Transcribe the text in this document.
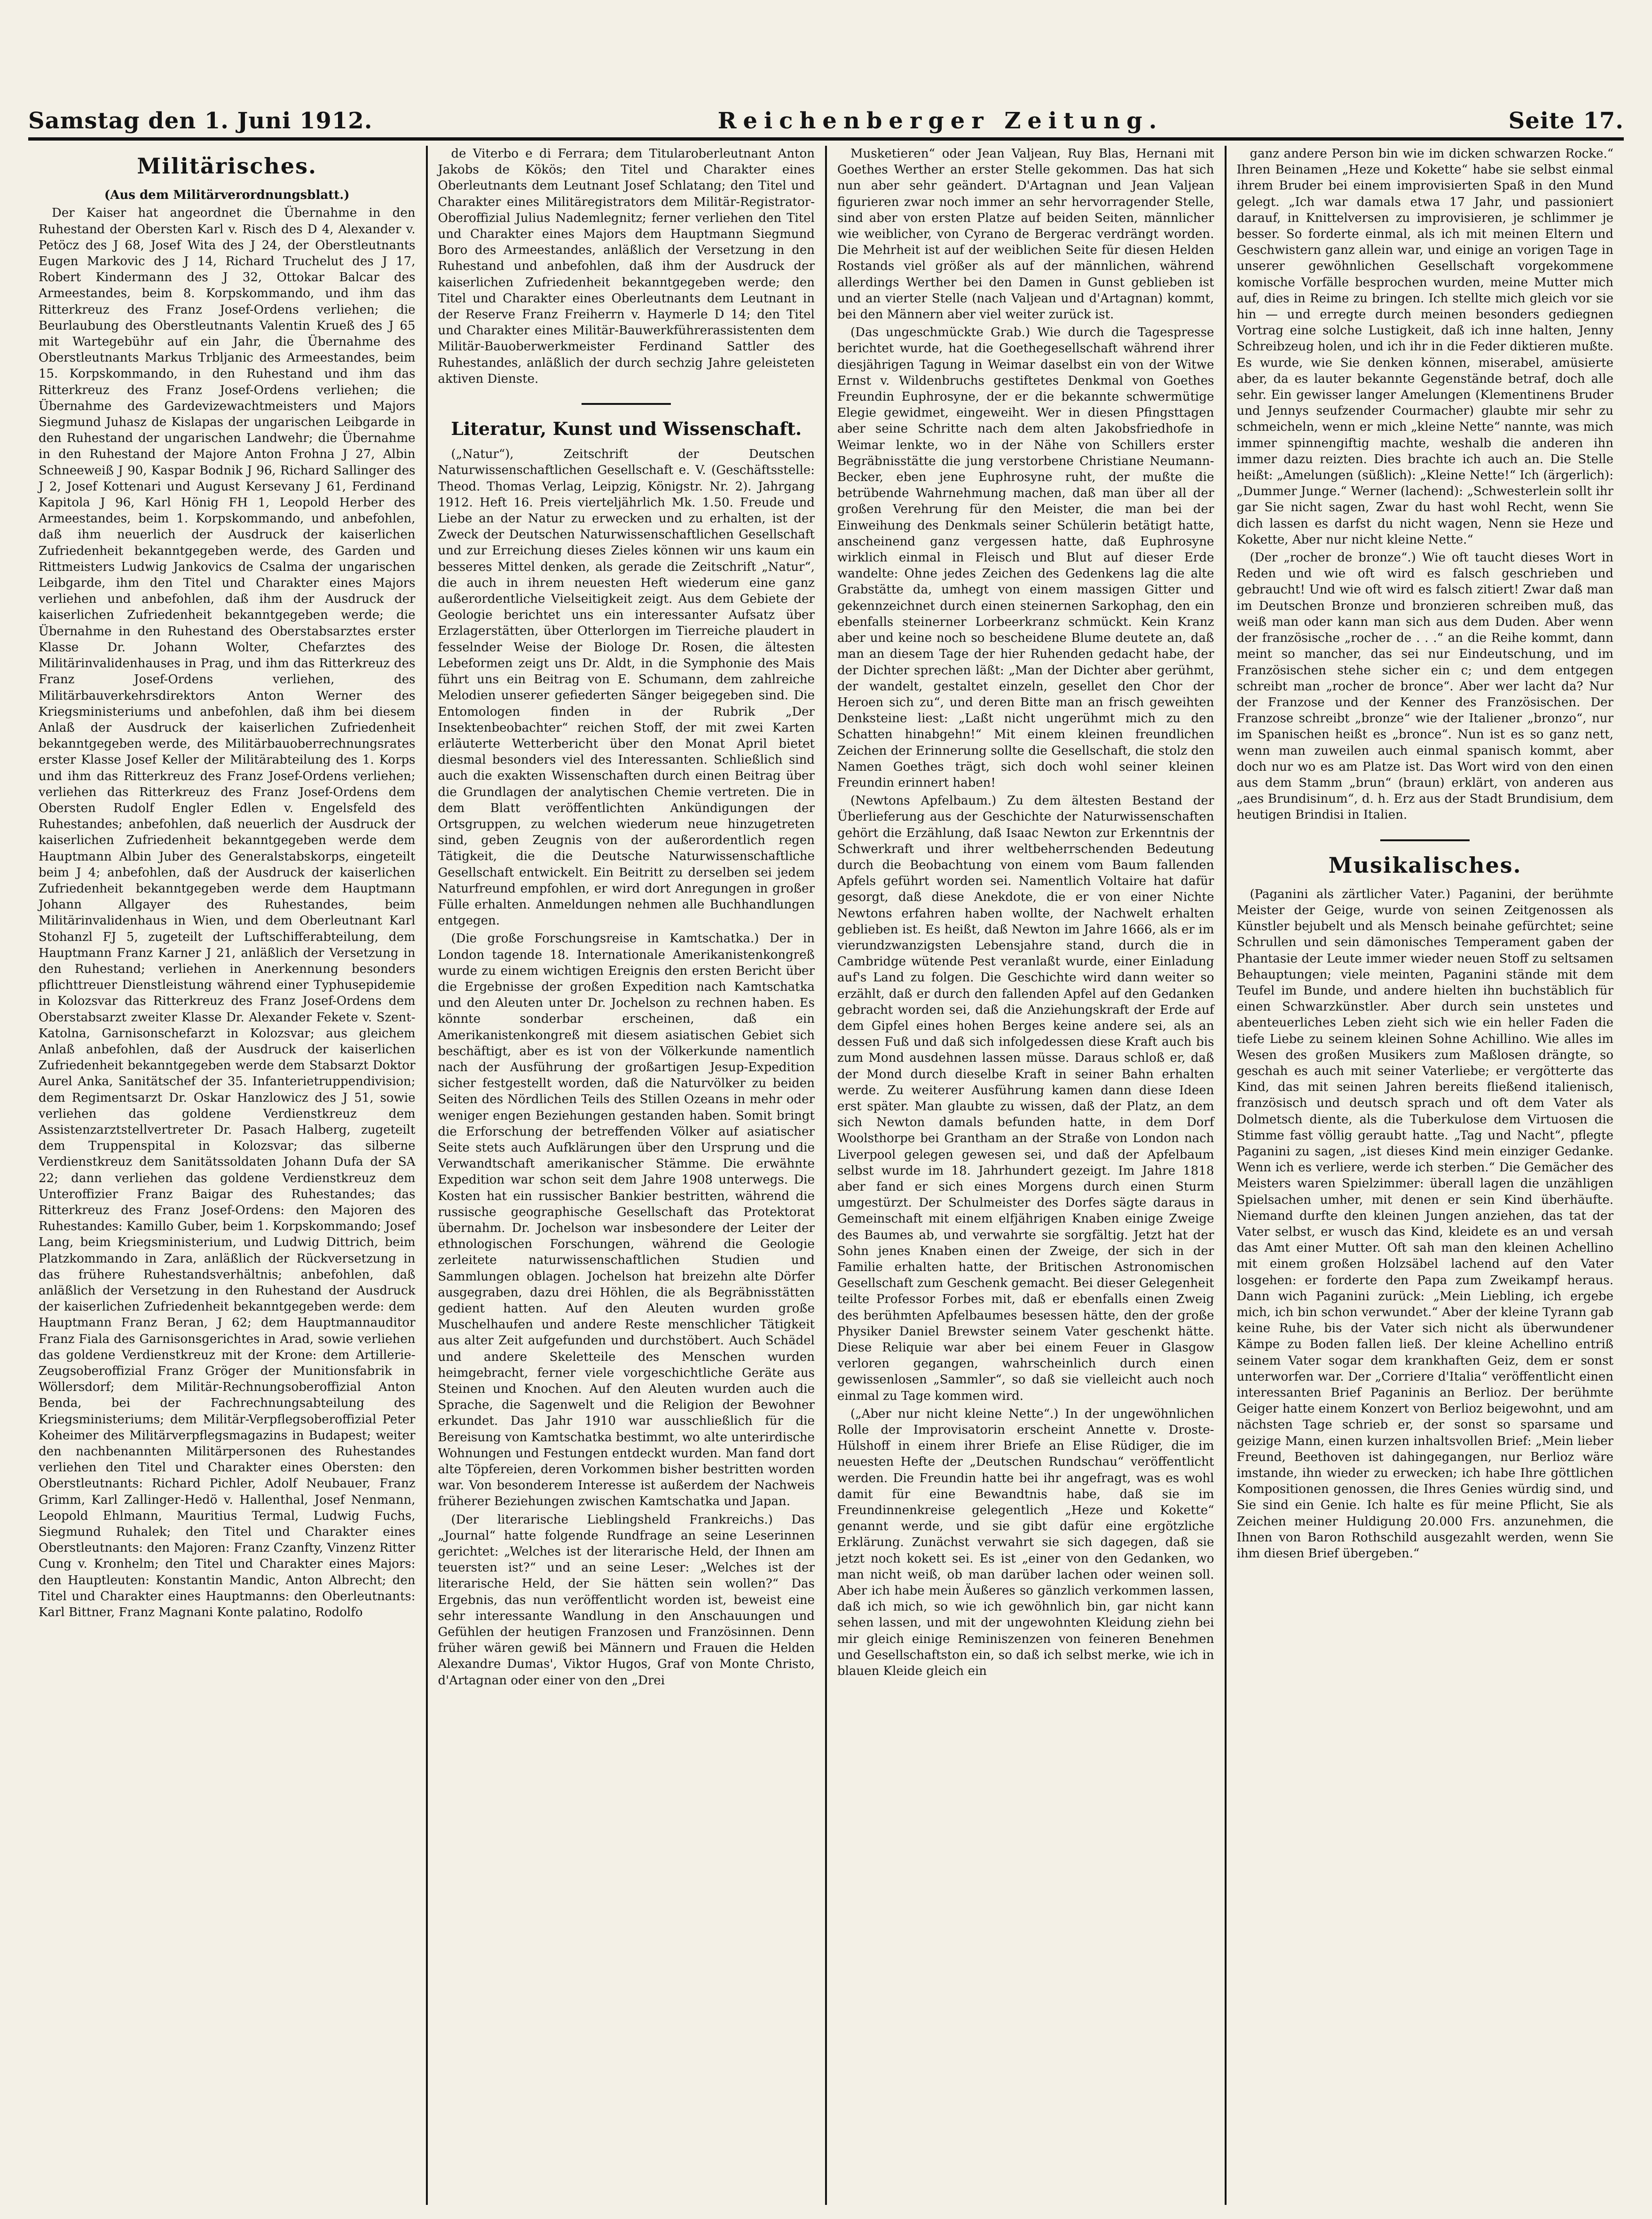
Samstag den 1. Juni 1912.	Reichenberger Zeitung.	Seite 17.
Militärisches.

(Aus dem Militärverordnungsblatt.)

Der Kaiser hat angeordnet die Übernahme in den Ruhestand der Obersten Karl v. Risch des D 4, Alexander v. Petöcz des J 68, Josef Wita des J 24, der Oberstleutnants Eugen Markovic des J 14, Richard Truchelut des J 17, Robert Kindermann des J 32, Ottokar Balcar des Armeestandes, beim 8. Korpskommando, und ihm das Ritterkreuz des Franz Josef-Ordens verliehen; die Beurlaubung des Oberstleutnants Valentin Krueß des J 65 mit Wartegebühr auf ein Jahr, die Übernahme des Oberstleutnants Markus Trbljanic des Armeestandes, beim 15. Korpskommando, in den Ruhestand und ihm das Ritterkreuz des Franz Josef-Ordens verliehen; die Übernahme des Gardevizewachtmeisters und Majors Siegmund Juhasz de Kislapas der ungarischen Leibgarde in den Ruhestand der ungarischen Landwehr; die Übernahme in den Ruhestand der Majore Anton Frohna J 27, Albin Schneeweiß J 90, Kaspar Bodnik J 96, Richard Sallinger des J 2, Josef Kottenari und August Kersevany J 61, Ferdinand Kapitola J 96, Karl Hönig FH 1, Leopold Herber des Armeestandes, beim 1. Korpskommando, und anbefohlen, daß ihm neuerlich der Ausdruck der kaiserlichen Zufriedenheit bekanntgegeben werde, des Garden und Rittmeisters Ludwig Jankovics de Csalma der ungarischen Leibgarde, ihm den Titel und Charakter eines Majors verliehen und anbefohlen, daß ihm der Ausdruck der kaiserlichen Zufriedenheit bekanntgegeben werde; die Übernahme in den Ruhestand des Oberstabsarztes erster Klasse Dr. Johann Wolter, Chefarztes des Militärinvalidenhauses in Prag, und ihm das Ritterkreuz des Franz Josef-Ordens verliehen, des Militärbauverkehrsdirektors Anton Werner des Kriegsministeriums und anbefohlen, daß ihm bei diesem Anlaß der Ausdruck der kaiserlichen Zufriedenheit bekanntgegeben werde, des Militärbauoberrechnungsrates erster Klasse Josef Keller der Militärabteilung des 1. Korps und ihm das Ritterkreuz des Franz Josef-Ordens verliehen; verliehen das Ritterkreuz des Franz Josef-Ordens dem Obersten Rudolf Engler Edlen v. Engelsfeld des Ruhestandes; anbefohlen, daß neuerlich der Ausdruck der kaiserlichen Zufriedenheit bekanntgegeben werde dem Hauptmann Albin Juber des Generalstabskorps, eingeteilt beim J 4; anbefohlen, daß der Ausdruck der kaiserlichen Zufriedenheit bekanntgegeben werde dem Hauptmann Johann Allgayer des Ruhestandes, beim Militärinvalidenhaus in Wien, und dem Oberleutnant Karl Stohanzl FJ 5, zugeteilt der Luftschifferabteilung, dem Hauptmann Franz Karner J 21, anläßlich der Versetzung in den Ruhestand; verliehen in Anerkennung besonders pflichttreuer Dienstleistung während einer Typhusepidemie in Kolozsvar das Ritterkreuz des Franz Josef-Ordens dem Oberstabsarzt zweiter Klasse Dr. Alexander Fekete v. Szent-Katolna, Garnisonschefarzt in Kolozsvar; aus gleichem Anlaß anbefohlen, daß der Ausdruck der kaiserlichen Zufriedenheit bekanntgegeben werde dem Stabsarzt Doktor Aurel Anka, Sanitätschef der 35. Infanterietruppendivision; dem Regimentsarzt Dr. Oskar Hanzlowicz des J 51, sowie verliehen das goldene Verdienstkreuz dem Assistenzarztstellvertreter Dr. Pasach Halberg, zugeteilt dem Truppenspital in Kolozsvar; das silberne Verdienstkreuz dem Sanitätssoldaten Johann Dufa der SA 22; dann verliehen das goldene Verdienstkreuz dem Unteroffizier Franz Baigar des Ruhestandes; das Ritterkreuz des Franz Josef-Ordens: den Majoren des Ruhestandes: Kamillo Guber, beim 1. Korpskommando; Josef Lang, beim Kriegsministerium, und Ludwig Dittrich, beim Platzkommando in Zara, anläßlich der Rückversetzung in das frühere Ruhestandsverhältnis; anbefohlen, daß anläßlich der Versetzung in den Ruhestand der Ausdruck der kaiserlichen Zufriedenheit bekanntgegeben werde: dem Hauptmann Franz Beran, J 62; dem Hauptmannauditor Franz Fiala des Garnisonsgerichtes in Arad, sowie verliehen das goldene Verdienstkreuz mit der Krone: dem Artillerie-Zeugsoberoffizial Franz Gröger der Munitionsfabrik in Wöllersdorf; dem Militär-Rechnungsoberoffizial Anton Benda, bei der Fachrechnungsabteilung des Kriegsministeriums; dem Militär-Verpflegsoberoffizial Peter Koheimer des Militärverpflegsmagazins in Budapest; weiter den nachbenannten Militärpersonen des Ruhestandes verliehen den Titel und Charakter eines Obersten: den Oberstleutnants: Richard Pichler, Adolf Neubauer, Franz Grimm, Karl Zallinger-Hedö v. Hallenthal, Josef Nenmann, Leopold Ehlmann, Mauritius Termal, Ludwig Fuchs, Siegmund Ruhalek; den Titel und Charakter eines Oberstleutnants: den Majoren: Franz Czanfty, Vinzenz Ritter Cung v. Kronhelm; den Titel und Charakter eines Majors: den Hauptleuten: Konstantin Mandic, Anton Albrecht; den Titel und Charakter eines Hauptmanns: den Oberleutnants: Karl Bittner, Franz Magnani Konte palatino, Rodolfo

de Viterbo e di Ferrara; dem Titularoberleutnant Anton Jakobs de Kökös; den Titel und Charakter eines Oberleutnants dem Leutnant Josef Schlatang; den Titel und Charakter eines Militäregistrators dem Militär-Registrator-Oberoffizial Julius Nademlegnitz; ferner verliehen den Titel und Charakter eines Majors dem Hauptmann Siegmund Boro des Armeestandes, anläßlich der Versetzung in den Ruhestand und anbefohlen, daß ihm der Ausdruck der kaiserlichen Zufriedenheit bekanntgegeben werde; den Titel und Charakter eines Oberleutnants dem Leutnant in der Reserve Franz Freiherrn v. Haymerle D 14; den Titel und Charakter eines Militär-Bauwerkführerassistenten dem Militär-Bauoberwerkmeister Ferdinand Sattler des Ruhestandes, anläßlich der durch sechzig Jahre geleisteten aktiven Dienste.

Literatur, Kunst und Wissenschaft.

(„Natur“), Zeitschrift der Deutschen Naturwissenschaftlichen Gesellschaft e. V. (Geschäftsstelle: Theod. Thomas Verlag, Leipzig, Königstr. Nr. 2). Jahrgang 1912. Heft 16. Preis vierteljährlich Mk. 1.50. Freude und Liebe an der Natur zu erwecken und zu erhalten, ist der Zweck der Deutschen Naturwissenschaftlichen Gesellschaft und zur Erreichung dieses Zieles können wir uns kaum ein besseres Mittel denken, als gerade die Zeitschrift „Natur“, die auch in ihrem neuesten Heft wiederum eine ganz außerordentliche Vielseitigkeit zeigt. Aus dem Gebiete der Geologie berichtet uns ein interessanter Aufsatz über Erzlagerstätten, über Otterlorgen im Tierreiche plaudert in fesselnder Weise der Biologe Dr. Rosen, die ältesten Lebeformen zeigt uns Dr. Aldt, in die Symphonie des Mais führt uns ein Beitrag von E. Schumann, dem zahlreiche Melodien unserer gefiederten Sänger beigegeben sind. Die Entomologen finden in der Rubrik „Der Insektenbeobachter“ reichen Stoff, der mit zwei Karten erläuterte Wetterbericht über den Monat April bietet diesmal besonders viel des Interessanten. Schließlich sind auch die exakten Wissenschaften durch einen Beitrag über die Grundlagen der analytischen Chemie vertreten. Die in dem Blatt veröffentlichten Ankündigungen der Ortsgruppen, zu welchen wiederum neue hinzugetreten sind, geben Zeugnis von der außerordentlich regen Tätigkeit, die die Deutsche Naturwissenschaftliche Gesellschaft entwickelt. Ein Beitritt zu derselben sei jedem Naturfreund empfohlen, er wird dort Anregungen in großer Fülle erhalten. Anmeldungen nehmen alle Buchhandlungen entgegen.

(Die große Forschungsreise in Kamtschatka.) Der in London tagende 18. Internationale Amerikanistenkongreß wurde zu einem wichtigen Ereignis den ersten Bericht über die Ergebnisse der großen Expedition nach Kamtschatka und den Aleuten unter Dr. Jochelson zu rechnen haben. Es könnte sonderbar erscheinen, daß ein Amerikanistenkongreß mit diesem asiatischen Gebiet sich beschäftigt, aber es ist von der Völkerkunde namentlich nach der Ausführung der großartigen Jesup-Expedition sicher festgestellt worden, daß die Naturvölker zu beiden Seiten des Nördlichen Teils des Stillen Ozeans in mehr oder weniger engen Beziehungen gestanden haben. Somit bringt die Erforschung der betreffenden Völker auf asiatischer Seite stets auch Aufklärungen über den Ursprung und die Verwandtschaft amerikanischer Stämme. Die erwähnte Expedition war schon seit dem Jahre 1908 unterwegs. Die Kosten hat ein russischer Bankier bestritten, während die russische geographische Gesellschaft das Protektorat übernahm. Dr. Jochelson war insbesondere der Leiter der ethnologischen Forschungen, während die Geologie zerleitete naturwissenschaftlichen Studien und Sammlungen oblagen. Jochelson hat breizehn alte Dörfer ausgegraben, dazu drei Höhlen, die als Begräbnisstätten gedient hatten. Auf den Aleuten wurden große Muschelhaufen und andere Reste menschlicher Tätigkeit aus alter Zeit aufgefunden und durchstöbert. Auch Schädel und andere Skeletteile des Menschen wurden heimgebracht, ferner viele vorgeschichtliche Geräte aus Steinen und Knochen. Auf den Aleuten wurden auch die Sprache, die Sagenwelt und die Religion der Bewohner erkundet. Das Jahr 1910 war ausschließlich für die Bereisung von Kamtschatka bestimmt, wo alte unterirdische Wohnungen und Festungen entdeckt wurden. Man fand dort alte Töpfereien, deren Vorkommen bisher bestritten worden war. Von besonderem Interesse ist außerdem der Nachweis früherer Beziehungen zwischen Kamtschatka und Japan.

(Der literarische Lieblingsheld Frankreichs.) Das „Journal“ hatte folgende Rundfrage an seine Leserinnen gerichtet: „Welches ist der literarische Held, der Ihnen am teuersten ist?“ und an seine Leser: „Welches ist der literarische Held, der Sie hätten sein wollen?“ Das Ergebnis, das nun veröffentlicht worden ist, beweist eine sehr interessante Wandlung in den Anschauungen und Gefühlen der heutigen Franzosen und Französinnen. Denn früher wären gewiß bei Männern und Frauen die Helden Alexandre Dumas', Viktor Hugos, Graf von Monte Christo, d'Artagnan oder einer von den „Drei

Musketieren“ oder Jean Valjean, Ruy Blas, Hernani mit Goethes Werther an erster Stelle gekommen. Das hat sich nun aber sehr geändert. D'Artagnan und Jean Valjean figurieren zwar noch immer an sehr hervorragender Stelle, sind aber von ersten Platze auf beiden Seiten, männlicher wie weiblicher, von Cyrano de Bergerac verdrängt worden. Die Mehrheit ist auf der weiblichen Seite für diesen Helden Rostands viel größer als auf der männlichen, während allerdings Werther bei den Damen in Gunst geblieben ist und an vierter Stelle (nach Valjean und d'Artagnan) kommt, bei den Männern aber viel weiter zurück ist.

(Das ungeschmückte Grab.) Wie durch die Tagespresse berichtet wurde, hat die Goethegesellschaft während ihrer diesjährigen Tagung in Weimar daselbst ein von der Witwe Ernst v. Wildenbruchs gestiftetes Denkmal von Goethes Freundin Euphrosyne, der er die bekannte schwermütige Elegie gewidmet, eingeweiht. Wer in diesen Pfingsttagen aber seine Schritte nach dem alten Jakobsfriedhofe in Weimar lenkte, wo in der Nähe von Schillers erster Begräbnisstätte die jung verstorbene Christiane Neumann-Becker, eben jene Euphrosyne ruht, der mußte die betrübende Wahrnehmung machen, daß man über all der großen Verehrung für den Meister, die man bei der Einweihung des Denkmals seiner Schülerin betätigt hatte, anscheinend ganz vergessen hatte, daß Euphrosyne wirklich einmal in Fleisch und Blut auf dieser Erde wandelte: Ohne jedes Zeichen des Gedenkens lag die alte Grabstätte da, umhegt von einem massigen Gitter und gekennzeichnet durch einen steinernen Sarkophag, den ein ebenfalls steinerner Lorbeerkranz schmückt. Kein Kranz aber und keine noch so bescheidene Blume deutete an, daß man an diesem Tage der hier Ruhenden gedacht habe, der der Dichter sprechen läßt: „Man der Dichter aber gerühmt, der wandelt, gestaltet einzeln, gesellet den Chor der Heroen sich zu“, und deren Bitte man an frisch geweihten Denksteine liest: „Laßt nicht ungerühmt mich zu den Schatten hinabgehn!“ Mit einem kleinen freundlichen Zeichen der Erinnerung sollte die Gesellschaft, die stolz den Namen Goethes trägt, sich doch wohl seiner kleinen Freundin erinnert haben!

(Newtons Apfelbaum.) Zu dem ältesten Bestand der Überlieferung aus der Geschichte der Naturwissenschaften gehört die Erzählung, daß Isaac Newton zur Erkenntnis der Schwerkraft und ihrer weltbeherrschenden Bedeutung durch die Beobachtung von einem vom Baum fallenden Apfels geführt worden sei. Namentlich Voltaire hat dafür gesorgt, daß diese Anekdote, die er von einer Nichte Newtons erfahren haben wollte, der Nachwelt erhalten geblieben ist. Es heißt, daß Newton im Jahre 1666, als er im vierundzwanzigsten Lebensjahre stand, durch die in Cambridge wütende Pest veranlaßt wurde, einer Einladung auf's Land zu folgen. Die Geschichte wird dann weiter so erzählt, daß er durch den fallenden Apfel auf den Gedanken gebracht worden sei, daß die Anziehungskraft der Erde auf dem Gipfel eines hohen Berges keine andere sei, als an dessen Fuß und daß sich infolgedessen diese Kraft auch bis zum Mond ausdehnen lassen müsse. Daraus schloß er, daß der Mond durch dieselbe Kraft in seiner Bahn erhalten werde. Zu weiterer Ausführung kamen dann diese Ideen erst später. Man glaubte zu wissen, daß der Platz, an dem sich Newton damals befunden hatte, in dem Dorf Woolsthorpe bei Grantham an der Straße von London nach Liverpool gelegen gewesen sei, und daß der Apfelbaum selbst wurde im 18. Jahrhundert gezeigt. Im Jahre 1818 aber fand er sich eines Morgens durch einen Sturm umgestürzt. Der Schulmeister des Dorfes sägte daraus in Gemeinschaft mit einem elfjährigen Knaben einige Zweige des Baumes ab, und verwahrte sie sorgfältig. Jetzt hat der Sohn jenes Knaben einen der Zweige, der sich in der Familie erhalten hatte, der Britischen Astronomischen Gesellschaft zum Geschenk gemacht. Bei dieser Gelegenheit teilte Professor Forbes mit, daß er ebenfalls einen Zweig des berühmten Apfelbaumes besessen hätte, den der große Physiker Daniel Brewster seinem Vater geschenkt hätte. Diese Reliquie war aber bei einem Feuer in Glasgow verloren gegangen, wahrscheinlich durch einen gewissenlosen „Sammler“, so daß sie vielleicht auch noch einmal zu Tage kommen wird.

(„Aber nur nicht kleine Nette“.) In der ungewöhnlichen Rolle der Improvisatorin erscheint Annette v. Droste-Hülshoff in einem ihrer Briefe an Elise Rüdiger, die im neuesten Hefte der „Deutschen Rundschau“ veröffentlicht werden. Die Freundin hatte bei ihr angefragt, was es wohl damit für eine Bewandtnis habe, daß sie im Freundinnenkreise gelegentlich „Heze und Kokette“ genannt werde, und sie gibt dafür eine ergötzliche Erklärung. Zunächst verwahrt sie sich dagegen, daß sie jetzt noch kokett sei. Es ist „einer von den Gedanken, wo man nicht weiß, ob man darüber lachen oder weinen soll. Aber ich habe mein Äußeres so gänzlich verkommen lassen, daß ich mich, so wie ich gewöhnlich bin, gar nicht kann sehen lassen, und mit der ungewohnten Kleidung ziehn bei mir gleich einige Reminiszenzen von feineren Benehmen und Gesellschaftston ein, so daß ich selbst merke, wie ich in blauen Kleide gleich ein

ganz andere Person bin wie im dicken schwarzen Rocke.“ Ihren Beinamen „Heze und Kokette“ habe sie selbst einmal ihrem Bruder bei einem improvisierten Spaß in den Mund gelegt. „Ich war damals etwa 17 Jahr, und passioniert darauf, in Knittelversen zu improvisieren, je schlimmer je besser. So forderte einmal, als ich mit meinen Eltern und Geschwistern ganz allein war, und einige an vorigen Tage in unserer gewöhnlichen Gesellschaft vorgekommene komische Vorfälle besprochen wurden, meine Mutter mich auf, dies in Reime zu bringen. Ich stellte mich gleich vor sie hin — und erregte durch meinen besonders gediegnen Vortrag eine solche Lustigkeit, daß ich inne halten, Jenny Schreibzeug holen, und ich ihr in die Feder diktieren mußte. Es wurde, wie Sie denken können, miserabel, amüsierte aber, da es lauter bekannte Gegenstände betraf, doch alle sehr. Ein gewisser langer Amelungen (Klementinens Bruder und Jennys seufzender Courmacher) glaubte mir sehr zu schmeicheln, wenn er mich „kleine Nette“ nannte, was mich immer spinnengiftig machte, weshalb die anderen ihn immer dazu reizten. Dies brachte ich auch an. Die Stelle heißt: „Amelungen (süßlich): „Kleine Nette!“ Ich (ärgerlich): „Dummer Junge.“ Werner (lachend): „Schwesterlein sollt ihr gar Sie nicht sagen, Zwar du hast wohl Recht, wenn Sie dich lassen es darfst du nicht wagen, Nenn sie Heze und Kokette, Aber nur nicht kleine Nette.“

(Der „rocher de bronze“.) Wie oft taucht dieses Wort in Reden und wie oft wird es falsch geschrieben und gebraucht! Und wie oft wird es falsch zitiert! Zwar daß man im Deutschen Bronze und bronzieren schreiben muß, das weiß man oder kann man sich aus dem Duden. Aber wenn der französische „rocher de . . .“ an die Reihe kommt, dann meint so mancher, das sei nur Eindeutschung, und im Französischen stehe sicher ein c; und dem entgegen schreibt man „rocher de bronce“. Aber wer lacht da? Nur der Franzose und der Kenner des Französischen. Der Franzose schreibt „bronze“ wie der Italiener „bronzo“, nur im Spanischen heißt es „bronce“. Nun ist es so ganz nett, wenn man zuweilen auch einmal spanisch kommt, aber doch nur wo es am Platze ist. Das Wort wird von den einen aus dem Stamm „brun“ (braun) erklärt, von anderen aus „aes Brundisinum“, d. h. Erz aus der Stadt Brundisium, dem heutigen Brindisi in Italien.

Musikalisches.

(Paganini als zärtlicher Vater.) Paganini, der berühmte Meister der Geige, wurde von seinen Zeitgenossen als Künstler bejubelt und als Mensch beinahe gefürchtet; seine Schrullen und sein dämonisches Temperament gaben der Phantasie der Leute immer wieder neuen Stoff zu seltsamen Behauptungen; viele meinten, Paganini stände mit dem Teufel im Bunde, und andere hielten ihn buchstäblich für einen Schwarzkünstler. Aber durch sein unstetes und abenteuerliches Leben zieht sich wie ein heller Faden die tiefe Liebe zu seinem kleinen Sohne Achillino. Wie alles im Wesen des großen Musikers zum Maßlosen drängte, so geschah es auch mit seiner Vaterliebe; er vergötterte das Kind, das mit seinen Jahren bereits fließend italienisch, französisch und deutsch sprach und oft dem Vater als Dolmetsch diente, als die Tuberkulose dem Virtuosen die Stimme fast völlig geraubt hatte. „Tag und Nacht“, pflegte Paganini zu sagen, „ist dieses Kind mein einziger Gedanke. Wenn ich es verliere, werde ich sterben.“ Die Gemächer des Meisters waren Spielzimmer: überall lagen die unzähligen Spielsachen umher, mit denen er sein Kind überhäufte. Niemand durfte den kleinen Jungen anziehen, das tat der Vater selbst, er wusch das Kind, kleidete es an und versah das Amt einer Mutter. Oft sah man den kleinen Achellino mit einem großen Holzsäbel lachend auf den Vater losgehen: er forderte den Papa zum Zweikampf heraus. Dann wich Paganini zurück: „Mein Liebling, ich ergebe mich, ich bin schon verwundet.“ Aber der kleine Tyrann gab keine Ruhe, bis der Vater sich nicht als überwundener Kämpe zu Boden fallen ließ. Der kleine Achellino entriß seinem Vater sogar dem krankhaften Geiz, dem er sonst unterworfen war. Der „Corriere d'Italia“ veröffentlicht einen interessanten Brief Paganinis an Berlioz. Der berühmte Geiger hatte einem Konzert von Berlioz beigewohnt, und am nächsten Tage schrieb er, der sonst so sparsame und geizige Mann, einen kurzen inhaltsvollen Brief: „Mein lieber Freund, Beethoven ist dahingegangen, nur Berlioz wäre imstande, ihn wieder zu erwecken; ich habe Ihre göttlichen Kompositionen genossen, die Ihres Genies würdig sind, und Sie sind ein Genie. Ich halte es für meine Pflicht, Sie als Zeichen meiner Huldigung 20.000 Frs. anzunehmen, die Ihnen von Baron Rothschild ausgezahlt werden, wenn Sie ihm diesen Brief übergeben.“
